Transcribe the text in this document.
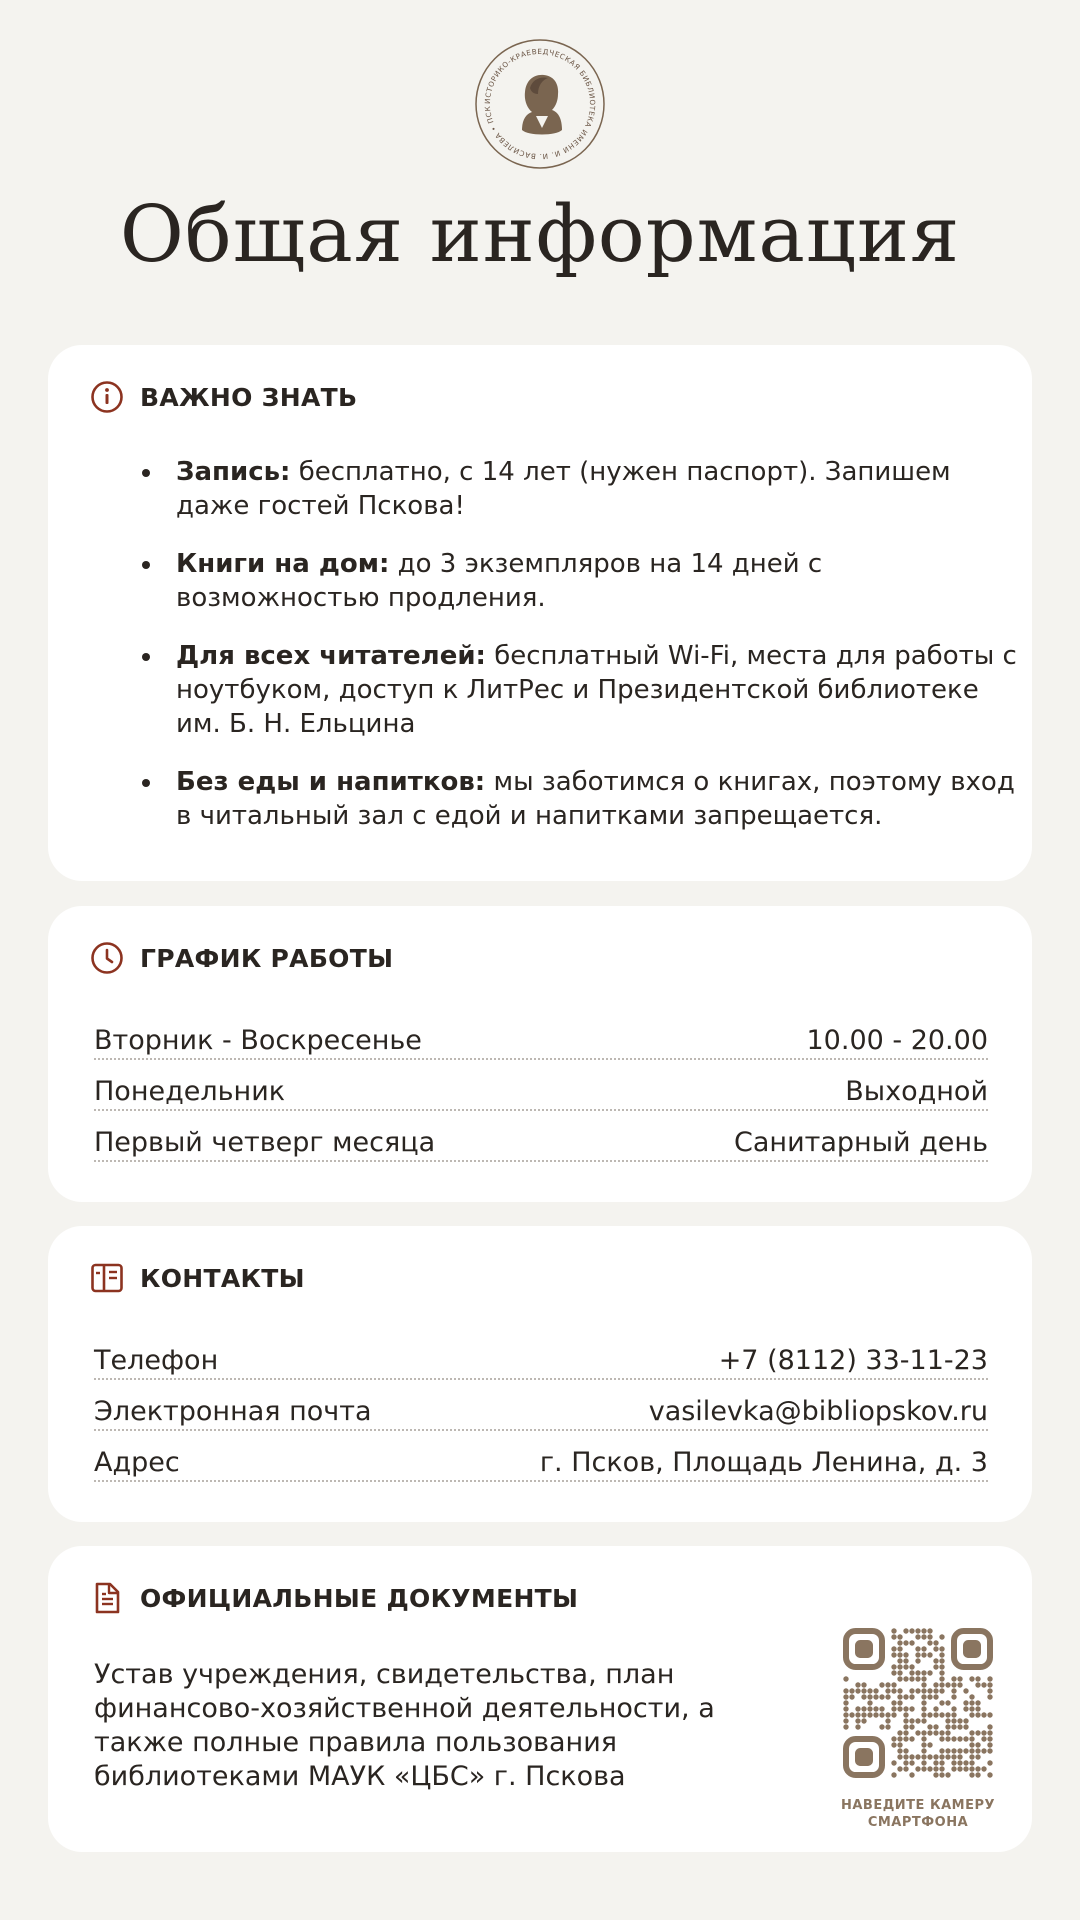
ИСТОРИКО-КРАЕВЕДЧЕСКАЯ БИБЛИОТЕКА ИМЕНИ И. И. ВАСИЛЕВА • ПСК
Общая информация
ВАЖНО ЗНАТЬ
Запись: бесплатно, с 14 лет (нужен паспорт). Запишем даже гостей Пскова!
Книги на дом: до 3 экземпляров на 14 дней с возможностью продления.
Для всех читателей: бесплатный Wi-Fi, места для работы с ноутбуком, доступ к ЛитРес и Президентской библиотеке им. Б. Н. Ельцина
Без еды и напитков: мы заботимся о книгах, поэтому вход в читальный зал с едой и напитками запрещается.
ГРАФИК РАБОТЫ
Вторник - Воскресенье	10.00 - 20.00
Понедельник	Выходной
Первый четверг месяца	Санитарный день
КОНТАКТЫ
Телефон	+7 (8112) 33-11-23
Электронная почта	vasilevka@bibliopskov.ru
Адрес	г. Псков, Площадь Ленина, д. 3
ОФИЦИАЛЬНЫЕ ДОКУМЕНТЫ
Устав учреждения, свидетельства, план финансово-хозяйственной деятельности, а также полные правила пользования библиотеками МАУК «ЦБС» г. Пскова
НАВЕДИТЕ КАМЕРУ СМАРТФОНА
